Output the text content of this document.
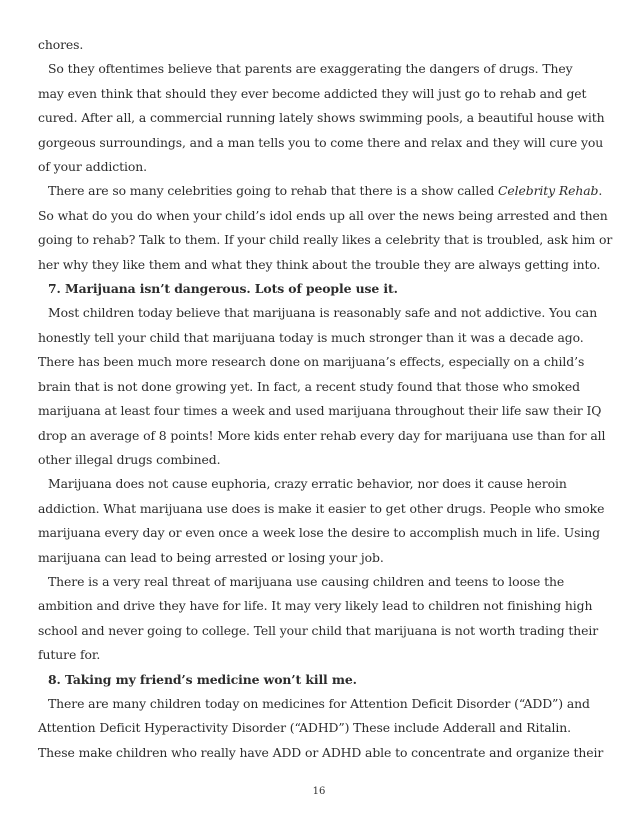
chores.

So they oftentimes believe that parents are exaggerating the dangers of drugs. They

may even think that should they ever become addicted they will just go to rehab and get

cured. After all, a commercial running lately shows swimming pools, a beautiful house with

gorgeous surroundings, and a man tells you to come there and relax and they will cure you

of your addiction.

There are so many celebrities going to rehab that there is a show called Celebrity Rehab.

So what do you do when your child’s idol ends up all over the news being arrested and then

going to rehab? Talk to them. If your child really likes a celebrity that is troubled, ask him or

her why they like them and what they think about the trouble they are always getting into.

7. Marijuana isn’t dangerous. Lots of people use it.

Most children today believe that marijuana is reasonably safe and not addictive. You can

honestly tell your child that marijuana today is much stronger than it was a decade ago.

There has been much more research done on marijuana’s effects, especially on a child’s

brain that is not done growing yet. In fact, a recent study found that those who smoked

marijuana at least four times a week and used marijuana throughout their life saw their IQ

drop an average of 8 points! More kids enter rehab every day for marijuana use than for all

other illegal drugs combined.

Marijuana does not cause euphoria, crazy erratic behavior, nor does it cause heroin

addiction. What marijuana use does is make it easier to get other drugs. People who smoke

marijuana every day or even once a week lose the desire to accomplish much in life. Using

marijuana can lead to being arrested or losing your job.

There is a very real threat of marijuana use causing children and teens to loose the

ambition and drive they have for life. It may very likely lead to children not finishing high

school and never going to college. Tell your child that marijuana is not worth trading their

future for.

8. Taking my friend’s medicine won’t kill me.

There are many children today on medicines for Attention Deficit Disorder (“ADD”) and

Attention Deficit Hyperactivity Disorder (“ADHD”) These include Adderall and Ritalin.

These make children who really have ADD or ADHD able to concentrate and organize their

16
